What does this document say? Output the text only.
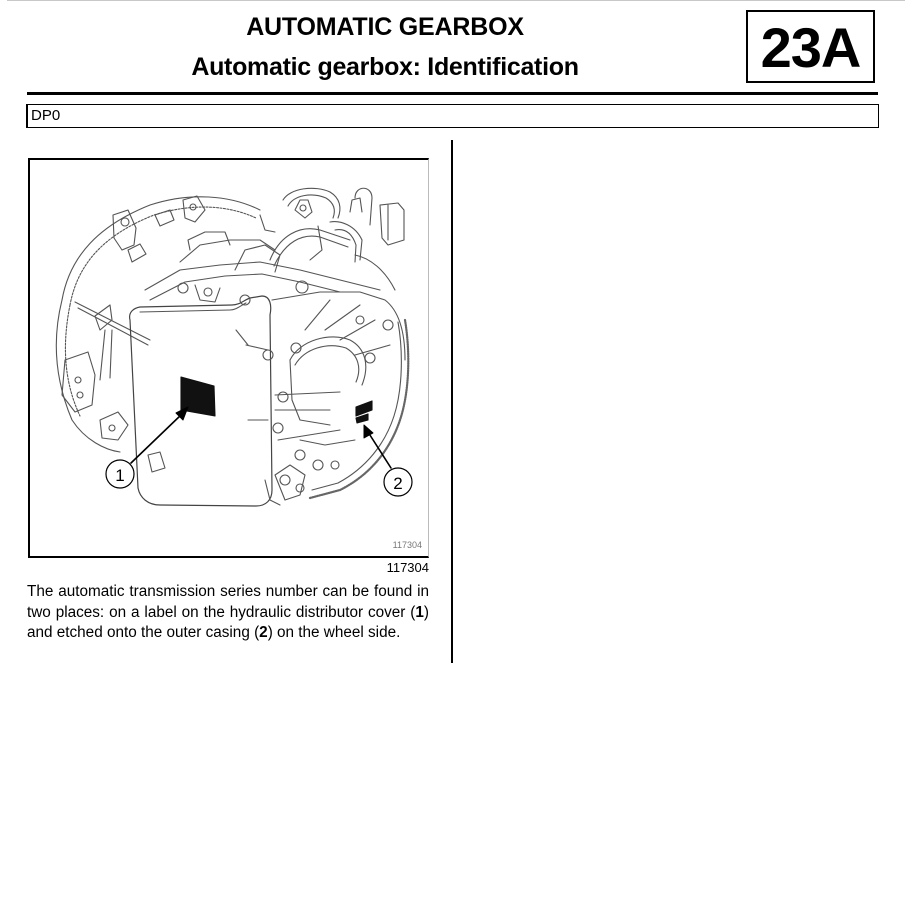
AUTOMATIC GEARBOX
Automatic gearbox: Identification	23A
DP0
1	2
117304
117304

The automatic transmission series number can be found in two places: on a label on the hydraulic distributor cover (1) and etched onto the outer casing (2) on the wheel side.
